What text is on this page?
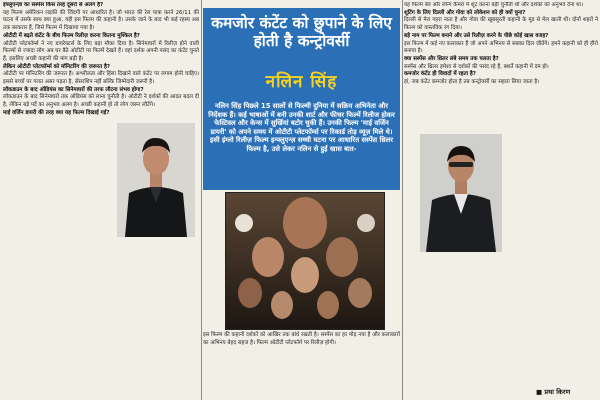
इंफ्लुएन्ज़ा का सस्पेंस किस तरह दूसरों से अलग है?

यह फिल्म अमेरिकन लड़की की जिंदगी पर आधारित है। जो भारत की रेल यात्रा करने 26/11 की घटना में उसके साथ क्या हुआ, यही इस फिल्म की कहानी है। उसके जाने के बाद भी कई रहस्य अब तक बरकरार हैं, जिसे फिल्म में दिखाया गया है।

ओटीटी में बढ़ते कंटेंट के बीच फिल्म रिलीज़ करना कितना मुश्किल है?

ओटीटी प्लेटफॉर्म्स ने नए डायरेक्टर्स के लिए बड़ा मौका दिया है। सिनेमाघरों में रिलीज़ होने वाली फिल्मों से ज्यादा लोग अब घर बैठे ओटीटी पर फिल्में देखते हैं। वहां दर्शक अपनी पसंद का कंटेंट चुनते हैं, इसलिए अच्छी कहानी की मांग बढ़ी है।

लेकिन ओटीटी प्लेटफॉर्म्स को मॉनिटरिंग की जरूरत है?

ओटीटी पर मॉनिटरिंग की जरूरत है। अश्लीलता और हिंसा दिखाने वाले कंटेंट पर लगाम होनी चाहिए। इससे बच्चों पर गलत असर पड़ता है, सेंसरशिप नहीं बल्कि जिम्मेदारी जरूरी है।

लॉकडाउन के बाद ऑडियंस का सिनेमाघरों की तरफ लौटना संभव होगा?

लॉकडाउन के बाद सिनेमाघरों तक ऑडियंस को लाना चुनौती है। ओटीटी ने दर्शकों की आदत बदल दी है, लेकिन बड़े पर्दे का अनुभव अलग है। अच्छी कहानी हो तो लोग जरूर लौटेंगे।

माई वर्जिन डायरी की तरह क्या यह फिल्म दिखाई गई?

कमजोर कंटेंट को छुपाने के लिए होती है कन्ट्रोवर्सी
नलिन सिंह
नलिन सिंह पिछले 15 सालों से फिल्मी दुनिया में सक्रिय अभिनेता और निर्देशक हैं। कई भाषाओं में बनी उनकी शार्ट और फीचर फिल्में रिलीज होकर फेस्टिवल और केन्स में सुर्खियां बटोर चुकी हैं। उनकी फिल्म 'माई वर्जिन डायरी' को अपने समय में ओटीटी प्लेटफॉर्म्स पर रिकार्ड तोड़ व्यूज़ मिले थे। इसी इंग्लो रिलीज़ फिल्म इन्फ्लुएन्ज़ सच्ची घटना पर आधारित सस्पेंस थ्रिलर फिल्म है, उसे लेकर नलिन से हुई खास बात-
इस फिल्म की कहानी दर्शकों को आखिर तक बांधे रखती है। सस्पेंस का हर मोड़ नया है और कलाकारों का अभिनय बेहद सहज है। फिल्म ओटीटी प्लेटफॉर्म पर रिलीज़ होगी।

यह फिल्म बेव और लॉन्ग कैमरा में शूट करना बड़ी चुनौती थी और दर्शकों को अनुभव देना था।

शूटिंग के लिए दिल्ली और गोवा को लोकेशन को ही क्यों चुना?

दिल्ली से मेरा गहरा नाता है और गोवा की खूबसूरती कहानी के मूड से मेल खाती थी। दोनों शहरों ने फिल्म को वास्तविक रंग दिया।

बड़े नाम पर फिल्म बनाने और उसे रिलीज़ करने के पीछे कोई खास वजह?

इस फिल्म में कई नए कलाकार हैं जो अपने अभिनय से सबका दिल जीतेंगे। हमने कहानी को ही हीरो बनाया है।

क्या सस्पेंस और थ्रिलर लंबे समय तक चलता है?

सस्पेंस और थ्रिलर हमेशा से दर्शकों की पसंद रहे हैं, बशर्ते कहानी में दम हो।

कमजोर कंटेंट ही विवादों में रहता है?

हां, जब कंटेंट कमजोर होता है तब कन्ट्रोवर्सी का सहारा लिया जाता है।

■ प्रथा किरण
